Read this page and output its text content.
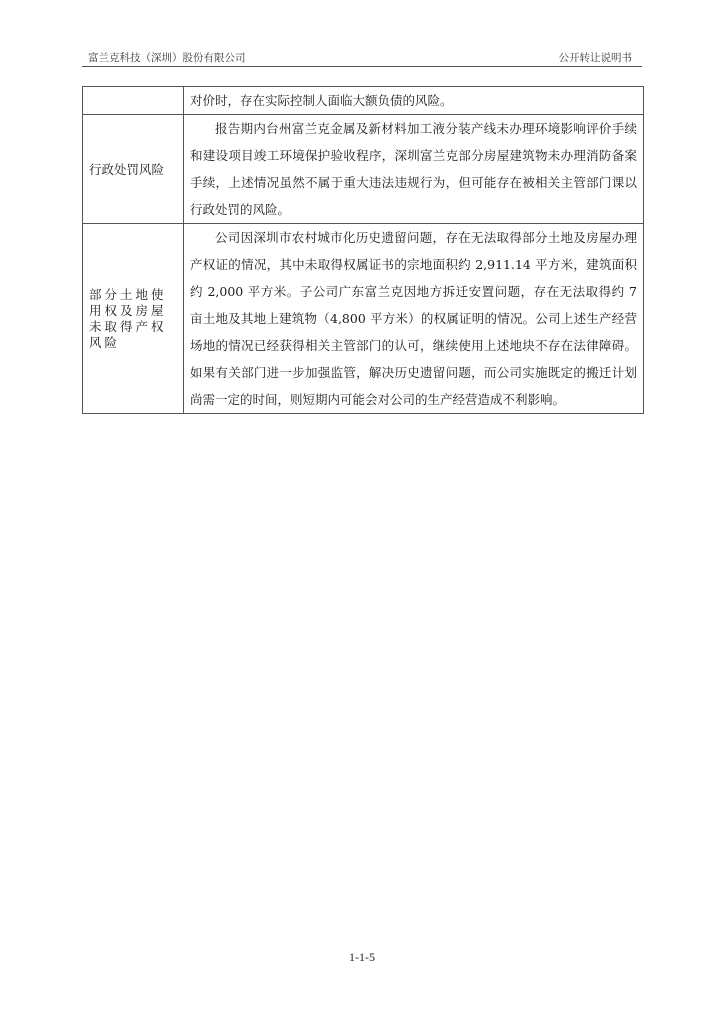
富兰克科技（深圳）股份有限公司	公开转让说明书
	对价时，存在实际控制人面临大额负债的风险。
行政处罚风险	报告期内台州富兰克金属及新材料加工液分装产线未办理环境影响评价手续和建设项目竣工环境保护验收程序，深圳富兰克部分房屋建筑物未办理消防备案手续，上述情况虽然不属于重大违法违规行为，但可能存在被相关主管部门课以行政处罚的风险。
部分土地使用权及房屋未取得产权风险	公司因深圳市农村城市化历史遗留问题，存在无法取得部分土地及房屋办理产权证的情况，其中未取得权属证书的宗地面积约 2,911.14 平方米，建筑面积约 2,000 平方米。子公司广东富兰克因地方拆迁安置问题，存在无法取得约 7 亩土地及其地上建筑物（4,800 平方米）的权属证明的情况。公司上述生产经营场地的情况已经获得相关主管部门的认可，继续使用上述地块不存在法律障碍。如果有关部门进一步加强监管，解决历史遗留问题，而公司实施既定的搬迁计划尚需一定的时间，则短期内可能会对公司的生产经营造成不利影响。
1-1-5
